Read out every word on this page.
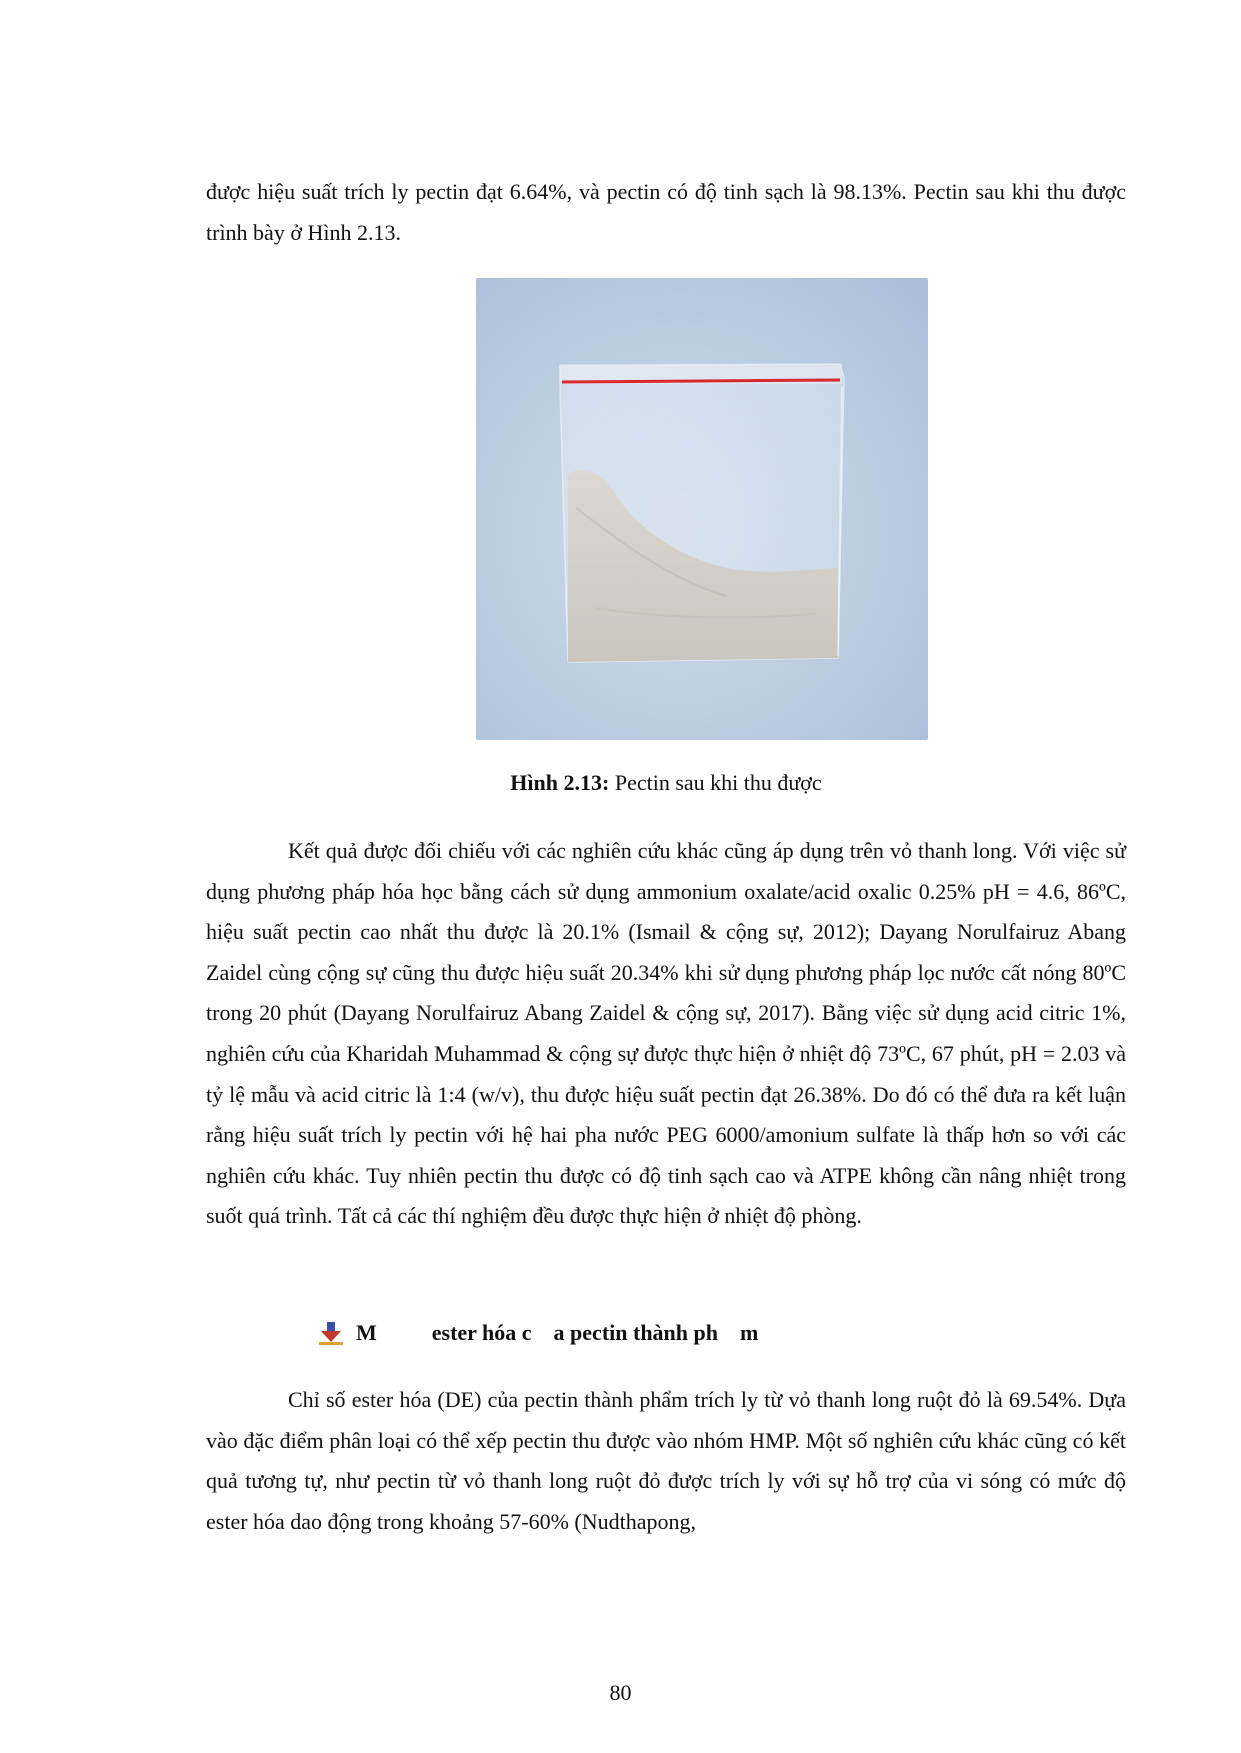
được hiệu suất trích ly pectin đạt 6.64%, và pectin có độ tinh sạch là 98.13%. Pectin sau khi thu được trình bày ở Hình 2.13.

Hình 2.13: Pectin sau khi thu được

Kết quả được đối chiếu với các nghiên cứu khác cũng áp dụng trên vỏ thanh long. Với việc sử dụng phương pháp hóa học bằng cách sử dụng ammonium oxalate/acid oxalic 0.25% pH = 4.6, 86ºC, hiệu suất pectin cao nhất thu được là 20.1% (Ismail & cộng sự, 2012); Dayang Norulfairuz Abang Zaidel cùng cộng sự cũng thu được hiệu suất 20.34% khi sử dụng phương pháp lọc nước cất nóng 80ºC trong 20 phút (Dayang Norulfairuz Abang Zaidel & cộng sự, 2017). Bằng việc sử dụng acid citric 1%, nghiên cứu của Kharidah Muhammad & cộng sự được thực hiện ở nhiệt độ 73ºC, 67 phút, pH = 2.03 và tỷ lệ mẫu và acid citric là 1:4 (w/v), thu được hiệu suất pectin đạt 26.38%. Do đó có thể đưa ra kết luận rằng hiệu suất trích ly pectin với hệ hai pha nước PEG 6000/amonium sulfate là thấp hơn so với các nghiên cứu khác. Tuy nhiên pectin thu được có độ tinh sạch cao và ATPE không cần nâng nhiệt trong suốt quá trình. Tất cả các thí nghiệm đều được thực hiện ở nhiệt độ phòng.

M          ester hóa c    a pectin thành ph    m

Chỉ số ester hóa (DE) của pectin thành phẩm trích ly từ vỏ thanh long ruột đỏ là 69.54%. Dựa vào đặc điểm phân loại có thể xếp pectin thu được vào nhóm HMP. Một số nghiên cứu khác cũng có kết quả tương tự, như pectin từ vỏ thanh long ruột đỏ được trích ly với sự hỗ trợ của vi sóng có mức độ ester hóa dao động trong khoảng 57-60% (Nudthapong,

80
